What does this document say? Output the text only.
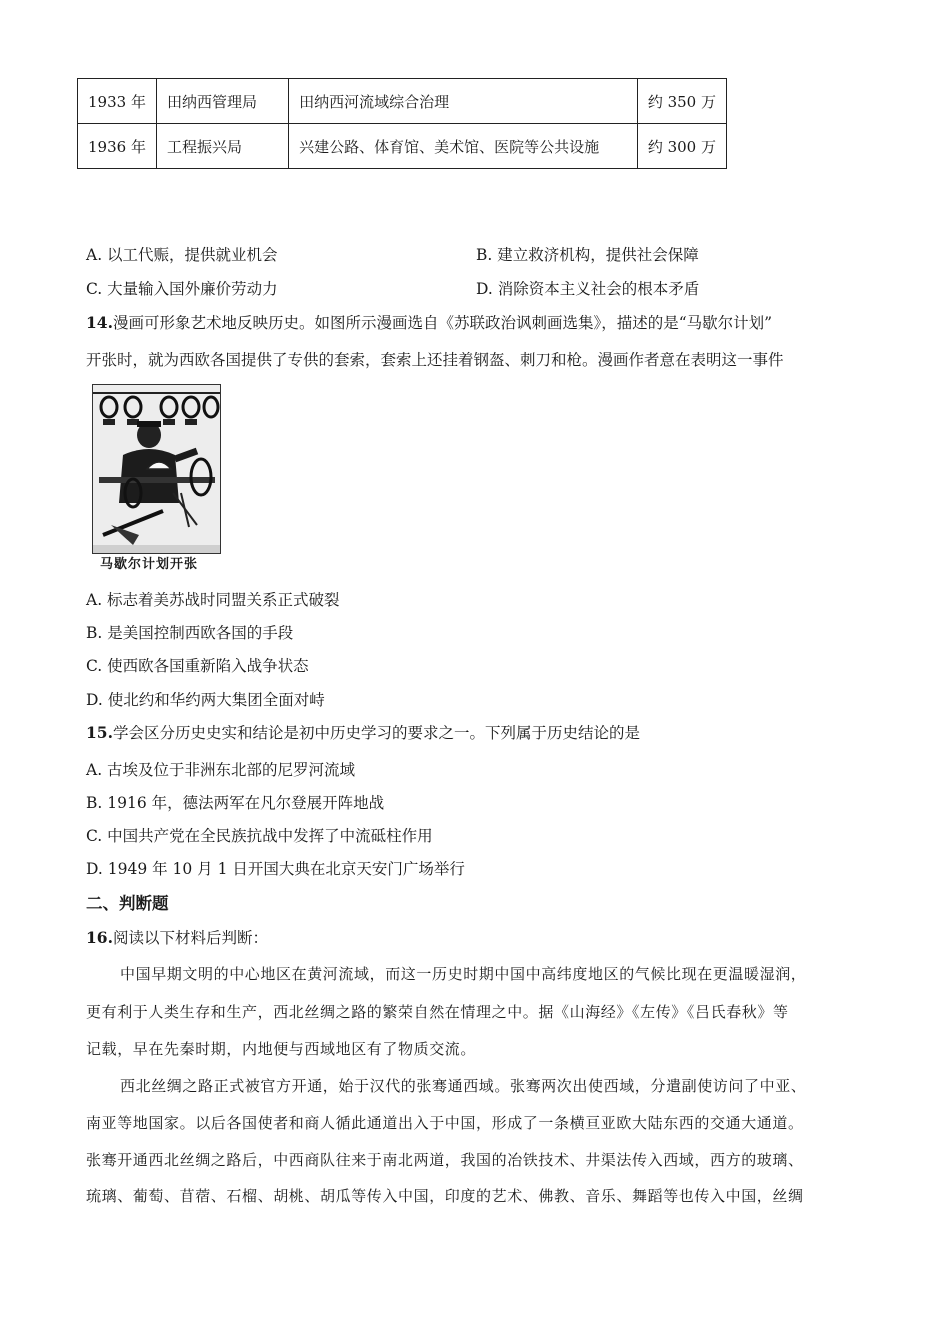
1933 年	田纳西管理局	田纳西河流域综合治理	约 350 万
1936 年	工程振兴局	兴建公路、体育馆、美术馆、医院等公共设施	约 300 万
A. 以工代赈，提供就业机会	B. 建立救济机构，提供社会保障
C. 大量输入国外廉价劳动力	D. 消除资本主义社会的根本矛盾
14.漫画可形象艺术地反映历史。如图所示漫画选自《苏联政治讽刺画选集》，描述的是“马歇尔计划”
开张时，就为西欧各国提供了专供的套索，套索上还挂着钢盔、刺刀和枪。漫画作者意在表明这一事件
马歇尔计划开张
A. 标志着美苏战时同盟关系正式破裂
B. 是美国控制西欧各国的手段
C. 使西欧各国重新陷入战争状态
D. 使北约和华约两大集团全面对峙
15.学会区分历史史实和结论是初中历史学习的要求之一。下列属于历史结论的是
A. 古埃及位于非洲东北部的尼罗河流域
B. 1916 年，德法两军在凡尔登展开阵地战
C. 中国共产党在全民族抗战中发挥了中流砥柱作用
D. 1949 年 10 月 1 日开国大典在北京天安门广场举行
二、判断题
16.阅读以下材料后判断：
中国早期文明的中心地区在黄河流域，而这一历史时期中国中高纬度地区的气候比现在更温暖湿润，
更有利于人类生存和生产，西北丝绸之路的繁荣自然在情理之中。据《山海经》《左传》《吕氏春秋》等
记载，早在先秦时期，内地便与西域地区有了物质交流。
西北丝绸之路正式被官方开通，始于汉代的张骞通西域。张骞两次出使西域，分遣副使访问了中亚、
南亚等地国家。以后各国使者和商人循此通道出入于中国，形成了一条横亘亚欧大陆东西的交通大通道。
张骞开通西北丝绸之路后，中西商队往来于南北两道，我国的冶铁技术、井渠法传入西域，西方的玻璃、
琉璃、葡萄、苜蓿、石榴、胡桃、胡瓜等传入中国，印度的艺术、佛教、音乐、舞蹈等也传入中国，丝绸
